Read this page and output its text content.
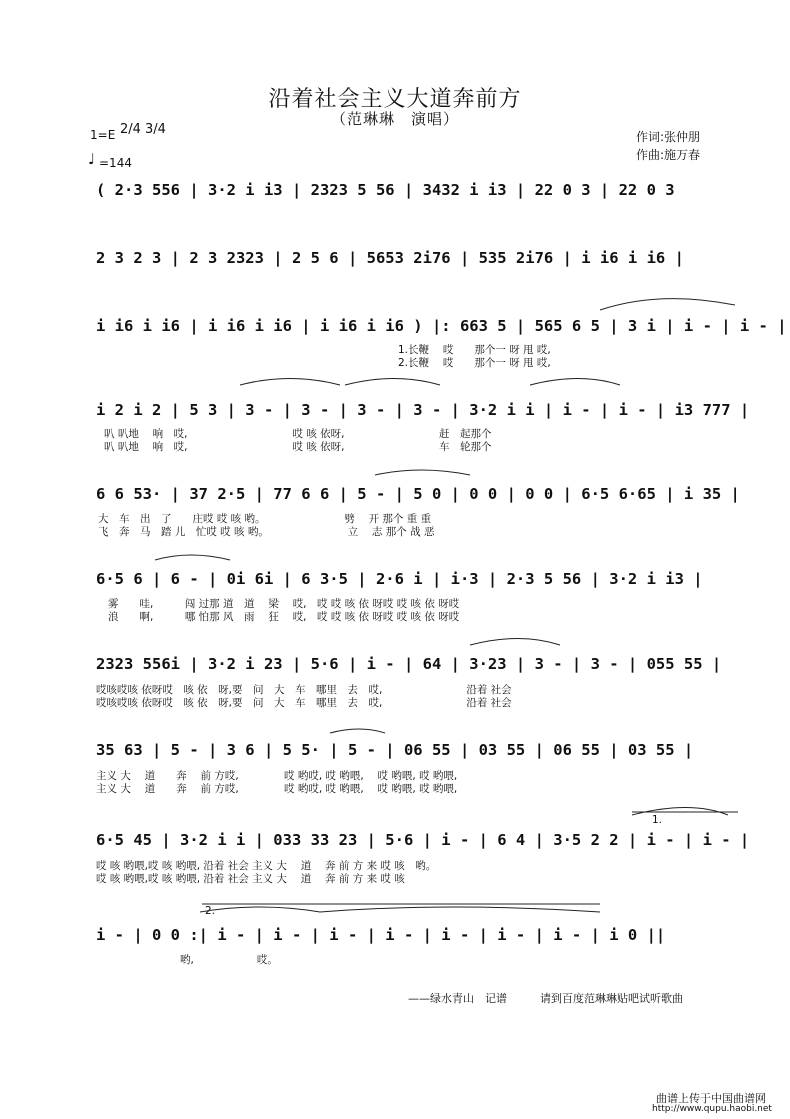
沿着社会主义大道奔前方
（范琳琳　演唱）
1=E 2/4 3/4
♩ =144
作词:张仲朋
作曲:施万春
( 2·3 556 | 3·2 i i3 | 2323 5 56 | 3432 i i3 | 22 0 3 | 22 0 3
2 3 2 3 | 2 3 2323 | 2 5 6 | 5653 2i76 | 535 2i76 | i i6 i i6 |
i i6 i i6 | i i6 i i6 | i i6 i i6 ) |: 663 5 | 565 6 5 | 3 i | i - | i - |
1.长鞭　 哎　　那个一 呀 甩 哎,
2.长鞭　 哎　　那个一 呀 甩 哎,
i 2 i 2 | 5 3 | 3 - | 3 - | 3 - | 3 - | 3·2 i i | i - | i - | i3 777 |
叭 叭地 　响　哎,　　　　　　　　　　哎 咳 依呀,　　　　　　　　　赶　起那个
叭 叭地 　响　哎,　　　　　　　　　　哎 咳 依呀,　　　　　　　　　车　轮那个
6 6 53· | 37 2·5 | 77 6 6 | 5 - | 5 0 | 0 0 | 0 0 | 6·5 6·65 | i 35 |
大　车　出　了　　庄哎 哎 咳 哟。　　　　　　　　劈　 开 那个 重 重
飞　奔　马　踏 儿　忙哎 哎 咳 哟。　　　　　　　　立　 志 那个 战 恶
6·5 6 | 6 - | 0i 6i | 6 3·5 | 2·6 i | i·3 | 2·3 5 56 | 3·2 i i3 |
雾　　哇,　　　闯 过那 道　道　 梁　 哎,　哎 哎 咳 依 呀哎 哎 咳 依 呀哎
浪　　啊,　　　哪 怕那 风　雨　 狂　 哎,　哎 哎 咳 依 呀哎 哎 咳 依 呀哎
2323 556i | 3·2 i 23 | 5·6 | i - | 64 | 3·23 | 3 - | 3 - | 055 55 |
哎咳哎咳 依呀哎　咳 依　呀,要　问　大　车　哪里　去　哎,　　　　　　　　沿着 社会
哎咳哎咳 依呀哎　咳 依　呀,要　问　大　车　哪里　去　哎,　　　　　　　　沿着 社会
35 63 | 5 - | 3 6 | 5 5· | 5 - | 06 55 | 03 55 | 06 55 | 03 55 |
主义 大　 道　　奔　 前 方哎,　　　　 哎 哟哎, 哎 哟喂,　 哎 哟喂, 哎 哟喂,
主义 大　 道　　奔　 前 方哎,　　　　 哎 哟哎, 哎 哟喂,　 哎 哟喂, 哎 哟喂,
6·5 45 | 3·2 i i | 033 33 23 | 5·6 | i - | 6 4 | 3·5 2 2 | i - | i - |
哎 咳 哟喂,哎 咳 哟喂, 沿着 社会 主义 大　 道　 奔 前 方 来 哎 咳　哟。
哎 咳 哟喂,哎 咳 哟喂, 沿着 社会 主义 大　 道　 奔 前 方 来 哎 咳
i - | 0 0 :| i - | i - | i - | i - | i - | i - | i - | i 0 ||
　　　　　　　　哟,　　　　　　哎。
1.
2.
——绿水青山　记谱	请到百度范琳琳贴吧试听歌曲
曲谱上传于中国曲谱网
http://www.qupu.haobi.net
